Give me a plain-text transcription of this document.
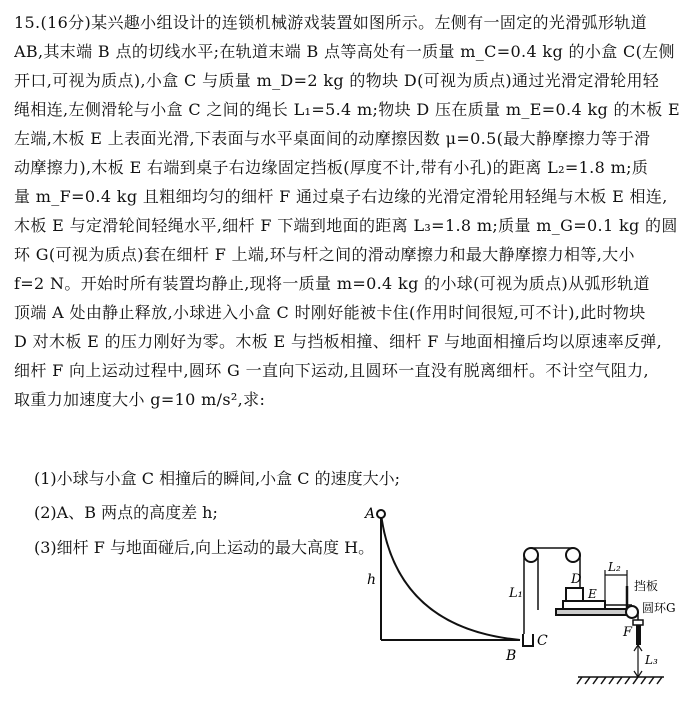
15.(16分)某兴趣小组设计的连锁机械游戏装置如图所示。左侧有一固定的光滑弧形轨道
AB,其末端 B 点的切线水平;在轨道末端 B 点等高处有一质量 m_C=0.4 kg 的小盒 C(左侧
开口,可视为质点),小盒 C 与质量 m_D=2 kg 的物块 D(可视为质点)通过光滑定滑轮用轻
绳相连,左侧滑轮与小盒 C 之间的绳长 L₁=5.4 m;物块 D 压在质量 m_E=0.4 kg 的木板 E
左端,木板 E 上表面光滑,下表面与水平桌面间的动摩擦因数 μ=0.5(最大静摩擦力等于滑
动摩擦力),木板 E 右端到桌子右边缘固定挡板(厚度不计,带有小孔)的距离 L₂=1.8 m;质
量 m_F=0.4 kg 且粗细均匀的细杆 F 通过桌子右边缘的光滑定滑轮用轻绳与木板 E 相连,
木板 E 与定滑轮间轻绳水平,细杆 F 下端到地面的距离 L₃=1.8 m;质量 m_G=0.1 kg 的圆
环 G(可视为质点)套在细杆 F 上端,环与杆之间的滑动摩擦力和最大静摩擦力相等,大小
f=2 N。开始时所有装置均静止,现将一质量 m=0.4 kg 的小球(可视为质点)从弧形轨道
顶端 A 处由静止释放,小球进入小盒 C 时刚好能被卡住(作用时间很短,可不计),此时物块
D 对木板 E 的压力刚好为零。木板 E 与挡板相撞、细杆 F 与地面相撞后均以原速率反弹,
细杆 F 向上运动过程中,圆环 G 一直向下运动,且圆环一直没有脱离细杆。不计空气阻力,
取重力加速度大小 g=10 m/s²,求:
(1)小球与小盒 C 相撞后的瞬间,小盒 C 的速度大小;
(2)A、B 两点的高度差 h;
(3)细杆 F 与地面碰后,向上运动的最大高度 H。
A
h
B
C
L₁
D
E
L₂
挡板
圆环G
F
L₃
